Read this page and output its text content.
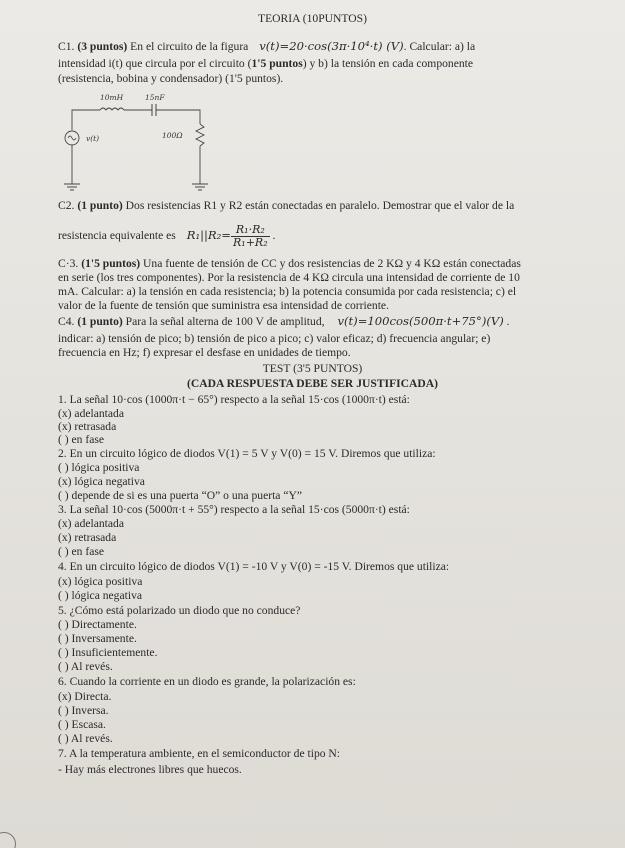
TEORIA (10PUNTOS)
C1. (3 puntos) En el circuito de la figura v(t)=20·cos(3π·10⁴·t) (V). Calcular: a) la
intensidad i(t) que circula por el circuito (1'5 puntos) y b) la tensión en cada componente
(resistencia, bobina y condensador) (1'5 puntos).
10mH	15nF
v(t)	100Ω
C2. (1 punto) Dos resistencias R1 y R2 están conectadas en paralelo. Demostrar que el valor de la
resistencia equivalente es $R_1||R_2= \frac{\text{R₁·R₂}}{\text{R₁+R₂}}$ .
C·3. (1'5 puntos) Una fuente de tensión de CC y dos resistencias de 2 KΩ y 4 KΩ están conectadas
en serie (los tres componentes). Por la resistencia de 4 KΩ circula una intensidad de corriente de 10
mA. Calcular: a) la tensión en cada resistencia; b) la potencia consumida por cada resistencia; c) el
valor de la fuente de tensión que suministra esa intensidad de corriente.
C4. (1 punto) Para la señal alterna de 100 V de amplitud, v(t)=100cos(500π·t+75°)(V) .
indicar: a) tensión de pico; b) tensión de pico a pico; c) valor eficaz; d) frecuencia angular; e)
frecuencia en Hz; f) expresar el desfase en unidades de tiempo.
TEST (3'5 PUNTOS)
(CADA RESPUESTA DEBE SER JUSTIFICADA)
1. La señal 10·cos (1000π·t − 65°) respecto a la señal 15·cos (1000π·t) está:
(x) adelantada
(x) retrasada
( ) en fase
2. En un circuito lógico de diodos V(1) = 5 V y V(0) = 15 V. Diremos que utiliza:
( ) lógica positiva
(x) lógica negativa
( ) depende de si es una puerta “O” o una puerta “Y”
3. La señal 10·cos (5000π·t + 55°) respecto a la señal 15·cos (5000π·t) está:
(x) adelantada
(x) retrasada
( ) en fase
4. En un circuito lógico de diodos V(1) = -10 V y V(0) = -15 V. Diremos que utiliza:
(x) lógica positiva
( ) lógica negativa
5. ¿Cómo está polarizado un diodo que no conduce?
( ) Directamente.
( ) Inversamente.
( ) Insuficientemente.
( ) Al revés.
6. Cuando la corriente en un diodo es grande, la polarización es:
(x) Directa.
( ) Inversa.
( ) Escasa.
( ) Al revés.
7. A la temperatura ambiente, en el semiconductor de tipo N:
- Hay más electrones libres que huecos.
